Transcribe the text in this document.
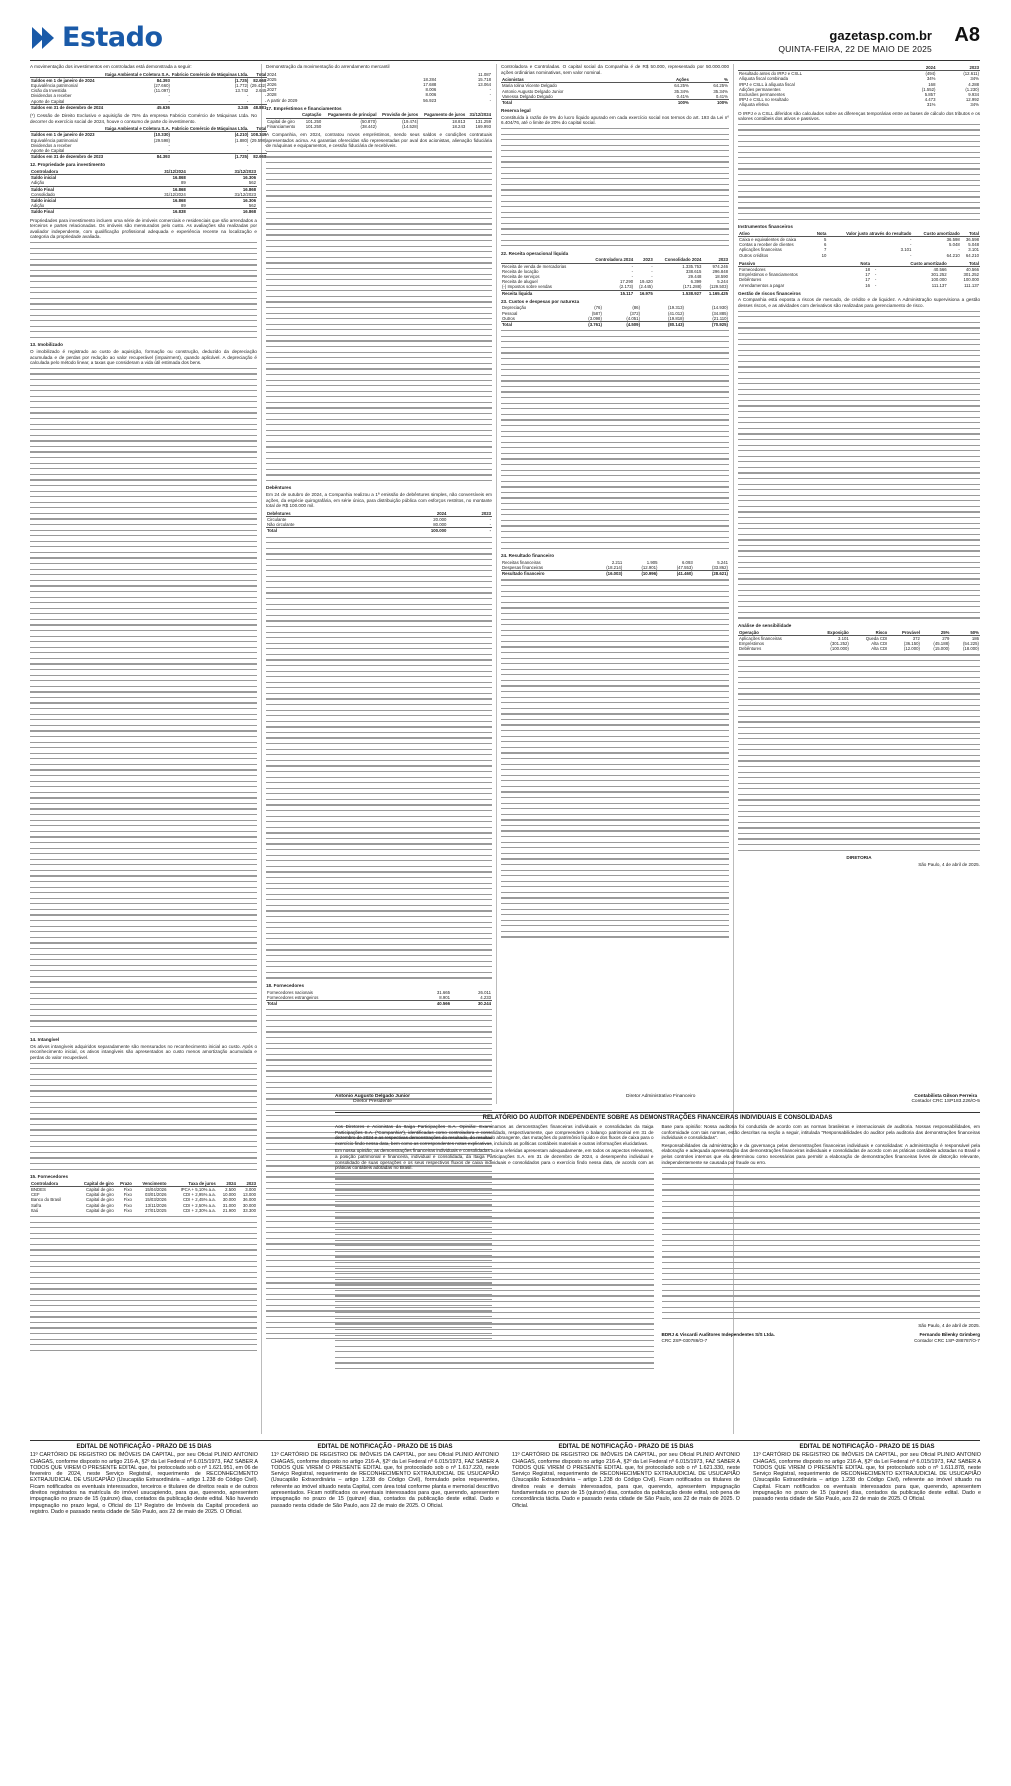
Estado	gazetasp.com.br
QUINTA-FEIRA, 22 DE MAIO DE 2025
A8

A movimentação dos investimentos em controladas está demonstrada a seguir:

	Itaiga Ambiental e Coletora S.A.	Fabricio Comércio de Máquinas Ltda.	Total
Saldos em 1 de janeiro de 2024	84.393	(1.725)	82.668
Equivalência patrimonial	(27.660)	(1.772)	(29.432)
Cisão da Investida	(11.097)	13.742	2.645
Dividendos a receber	-	-	-
Aporte de Capital	-	-	-
Saldos em 31 de dezembro de 2024	45.636	3.245	48.881

(*) Cessão de Direito Exclusivo e aquisição de 75% da empresa Fabricio Comércio de Máquinas Ltda. No decorrer do exercício social de 2024, houve o consumo de parte do investimento.

	Itaiga Ambiental e Coletora S.A.	Fabricio Comércio de Máquinas Ltda.	Total
Saldos em 1 de janeiro de 2023	(10.330)	(4.210)	108.349
Equivalência patrimonial	(29.598)	(1.880)	(29.598)
Dividendos a receber	-	-	-
Aporte de Capital	-	-	
Saldos em 31 de dezembro de 2023	84.393	(1.725)	82.668
12. Propriedade para investimento
Controladora	31/12/2024	31/12/2023
Saldo inicial	16.868	16.306
Adição	89	562
Saldo Final	16.868	16.868
Consolidado	31/12/2024	31/12/2023
Saldo inicial	16.868	16.306
Adição	89	562
Saldo Final	16.838	16.868

Propriedades para investimento incluem uma série de imóveis comerciais e residenciais que são arrendados a terceiros e partes relacionadas. Os imóveis são mensurados pelo custo. As avaliações são realizadas por avaliador independente, com qualificação profissional adequada e experiência recente na localização e categoria da propriedade avaliada.

13. Imobilizado

O imobilizado é registrado ao custo de aquisição, formação ou construção, deduzido da depreciação acumulada e de perdas por redução ao valor recuperável (impairment), quando aplicável. A depreciação é calculada pelo método linear, a taxas que consideram a vida útil estimada dos bens.

14. Intangível

Os ativos intangíveis adquiridos separadamente são mensurados no reconhecimento inicial ao custo. Após o reconhecimento inicial, os ativos intangíveis são apresentados ao custo menos amortização acumulada e perdas do valor recuperável.

15. Fornecedores
Controladora	Capital de giro	Prazo	Vencimento	Taxa de juros	2024	2023
BNDES	Capital de giro	Fixo	15/04/2026	IPCA + 5,10% a.a.	2.500	3.000
CEF	Capital de giro	Fixo	03/01/2026	CDI + 2,95% a.a.	10.000	13.000
Banco do Brasil	Capital de giro	Fixo	15/03/2026	CDI + 2,45% a.a.	30.000	36.000
Safra	Capital de giro	Fixo	13/11/2026	CDI + 2,50% a.a.	31.000	30.000
Itaú	Capital de giro	Fixo	27/01/2025	CDI + 2,30% a.a.	21.900	33.300

Demonstração da movimentação do arrendamento mercantil

2024		11.087
2025	18.284	15.718
2026	17.688	13.064
2027	8.006	-
2028	8.006	-
A partir de 2029	56.923	-
17. Empréstimos e financiamentos
	Captação	Pagamento de principal	Provisão de juros	Pagamento de juros	31/12/2024
Capital de giro	101.250	(50.870)	(19.474)	18.813	131.259
Financiamento	101.250	(38.442)	(14.528)	18.243	169.993

A Companhia, em 2024, contratou novos empréstimos, sendo seus saldos e condições contratuais apresentados acima. As garantias oferecidas são representadas por aval dos acionistas, alienação fiduciária de máquinas e equipamentos, e cessão fiduciária de recebíveis.

Debêntures

Em 24 de outubro de 2024, a Companhia realizou a 1ª emissão de debêntures simples, não conversíveis em ações, da espécie quirografária, em série única, para distribuição pública com esforços restritos, no montante total de R$ 100.000 mil.

Debêntures	2024	2023
Circulante	20.000	-
Não circulante	80.000	-
Total	100.000	-
18. Fornecedores
Fornecedores nacionais	31.665	26.011
Fornecedores estrangeiros	8.901	4.233
Total	40.566	30.244

Controladora e Controladas. O capital social da Companhia é de R$ 50.000, representado por 50.000.000 ações ordinárias nominativas, sem valor nominal.

Acionistas	Ações	%
Maria Iolina Vicente Delgado	64.25%	64.25%
Antonio Augusto Delgado Junior	35.34%	35.34%
Vanessa Delgado Delgado	0.41%	0.41%
Total	100%	100%
Reserva legal

Constituída à razão de 5% do lucro líquido apurado em cada exercício social nos termos do art. 193 da Lei nº 6.404/76, até o limite de 20% do capital social.

22. Receita operacional líquida
	Controladora 2024	2023	Consolidado 2024	2023
Receita de venda de mercadorias	-	-	1.335.753	974.246
Receita de locação	-	-	338.615	296.848
Receita de serviços	-	-	29.448	18.590
Receita de aluguel	17.290	19.420	6.399	5.244
(-) Impostos sobre vendas	(2.173)	(2.445)	(171.288)	(129.503)
Receita líquida	15.117	16.975	1.538.927	1.165.425
23. Custos e despesas por natureza
Depreciação	(76)	(86)	(19.313)	(14.930)
Pessoal	(587)	(372)	(41.012)	(34.885)
Outros	(3.098)	(4.051)	(19.818)	(21.110)
Total	(3.761)	(4.509)	(80.143)	(70.925)
24. Resultado financeiro
Receitas financeiras	2.211	1.905	6.093	5.241
Despesas financeiras	(18.214)	(12.901)	(47.553)	(33.862)
Resultado financeiro	(16.003)	(10.996)	(41.460)	(28.621)
	2024	2023
Resultado antes do IRPJ e CSLL	(494)	(12.611)
Alíquota fiscal combinada	34%	34%
IRPJ e CSLL à alíquota fiscal	168	4.288
Adições permanentes	(1.552)	(1.230)
Exclusões permanentes	5.857	9.934
IRPJ e CSLL no resultado	4.473	12.992
Alíquota efetiva	31%	34%

O IRPJ e a CSLL diferidos são calculados sobre as diferenças temporárias entre as bases de cálculo dos tributos e os valores contábeis dos ativos e passivos.

Instrumentos financeiros
Ativo	Nota	Valor justo através do resultado	Custo amortizado	Total
Caixa e equivalentes de caixa	5	-	36.598	36.598
Contas a receber de clientes	6	-	5.048	5.048
Aplicações financeiras	7	3.101	-	3.101
Outros créditos	10	-	64.210	64.210
Passivo	Nota		Custo amortizado	Total
Fornecedores	18	-	40.566	40.566
Empréstimos e financiamentos	17	-	301.252	301.252
Debêntures	17	-	100.000	100.000
Arrendamentos a pagar	16	-	111.137	111.137
Gestão de riscos financeiros

A Companhia está exposta a riscos de mercado, de crédito e de liquidez. A Administração supervisiona a gestão desses riscos, e as atividades com derivativos são realizadas para gerenciamento de risco.

Análise de sensibilidade
Operação	Exposição	Risco	Provável	25%	50%
Aplicações financeiras	3.101	Queda CDI	372	279	186
Empréstimos	(301.252)	Alta CDI	(36.150)	(45.188)	(54.225)
Debêntures	(100.000)	Alta CDI	(12.000)	(15.000)	(18.000)
DIRETORIA

São Paulo, 4 de abril de 2025.

Antonio Augusto Delgado Junior
Diretor Presidente
Diretor Administrativo Financeiro	Contabilista Gilson Ferreira
Contador CRC 1SP183.226/O-5
RELATÓRIO DO AUDITOR INDEPENDENTE SOBRE AS DEMONSTRAÇÕES FINANCEIRAS INDIVIDUAIS E CONSOLIDADAS

Aos Diretores e Acionistas da Itaiga Participações S.A. Opinião: Examinamos as demonstrações financeiras individuais e consolidadas da Itaiga Participações S.A. ("Companhia"), identificadas como controladora e consolidado, respectivamente, que compreendem o balanço patrimonial em 31 de dezembro de 2024 e as respectivas demonstrações do resultado, do resultado abrangente, das mutações do patrimônio líquido e dos fluxos de caixa para o exercício findo nessa data, bem como as correspondentes notas explicativas, incluindo as políticas contábeis materiais e outras informações elucidativas.

Em nossa opinião, as demonstrações financeiras individuais e consolidadas acima referidas apresentam adequadamente, em todos os aspectos relevantes, a posição patrimonial e financeira, individual e consolidada, da Itaiga Participações S.A. em 31 de dezembro de 2024, o desempenho individual e consolidado de suas operações e os seus respectivos fluxos de caixa individuais e consolidados para o exercício findo nessa data, de acordo com as práticas contábeis adotadas no Brasil.

Base para opinião: Nossa auditoria foi conduzida de acordo com as normas brasileiras e internacionais de auditoria. Nossas responsabilidades, em conformidade com tais normas, estão descritas na seção a seguir, intitulada "Responsabilidades do auditor pela auditoria das demonstrações financeiras individuais e consolidadas".

Responsabilidades da administração e da governança pelas demonstrações financeiras individuais e consolidadas: A administração é responsável pela elaboração e adequada apresentação das demonstrações financeiras individuais e consolidadas de acordo com as práticas contábeis adotadas no Brasil e pelos controles internos que ela determinou como necessários para permitir a elaboração de demonstrações financeiras livres de distorção relevante, independentemente se causada por fraude ou erro.

São Paulo, 4 de abril de 2025.
BDRJ & Viscardi Auditores Independentes S/S Ltda.
CRC 2SP-030786/O-7
Fernando Bilenky Grimberg
Contador CRC 1SP-288787/O-7
EDITAL DE NOTIFICAÇÃO - PRAZO DE 15 DIAS
11º CARTÓRIO DE REGISTRO DE IMÓVEIS DA CAPITAL, por seu Oficial PLINIO ANTONIO CHAGAS, conforme disposto no artigo 216-A, §2º da Lei Federal nº 6.015/1973, FAZ SABER A TODOS QUE VIREM O PRESENTE EDITAL que, foi protocolado sob o nº 1.621.951, em 06 de fevereiro de 2024, neste Serviço Registral, requerimento de RECONHECIMENTO EXTRAJUDICIAL DE USUCAPIÃO (Usucapião Extraordinária – artigo 1.238 do Código Civil). Ficam notificados os eventuais interessados, terceiros e titulares de direitos reais e de outros direitos registrados na matrícula do imóvel usucapiendo, para que, querendo, apresentem impugnação no prazo de 15 (quinze) dias, contados da publicação deste edital. Não havendo impugnação no prazo legal, o Oficial do 11º Registro de Imóveis da Capital procederá ao registro. Dado e passado nesta cidade de São Paulo, aos 22 de maio de 2025. O Oficial.
EDITAL DE NOTIFICAÇÃO - PRAZO DE 15 DIAS
11º CARTÓRIO DE REGISTRO DE IMÓVEIS DA CAPITAL, por seu Oficial PLINIO ANTONIO CHAGAS, conforme disposto no artigo 216-A, §2º da Lei Federal nº 6.015/1973, FAZ SABER A TODOS QUE VIREM O PRESENTE EDITAL que, foi protocolado sob o nº 1.617.220, neste Serviço Registral, requerimento de RECONHECIMENTO EXTRAJUDICIAL DE USUCAPIÃO (Usucapião Extraordinária – artigo 1.238 do Código Civil), formulado pelos requerentes, referente ao imóvel situado nesta Capital, com área total conforme planta e memorial descritivo apresentados. Ficam notificados os eventuais interessados para que, querendo, apresentem impugnação no prazo de 15 (quinze) dias, contados da publicação deste edital. Dado e passado nesta cidade de São Paulo, aos 22 de maio de 2025. O Oficial.
EDITAL DE NOTIFICAÇÃO - PRAZO DE 15 DIAS
11º CARTÓRIO DE REGISTRO DE IMÓVEIS DA CAPITAL, por seu Oficial PLINIO ANTONIO CHAGAS, conforme disposto no artigo 216-A, §2º da Lei Federal nº 6.015/1973, FAZ SABER A TODOS QUE VIREM O PRESENTE EDITAL que, foi protocolado sob o nº 1.621.330, neste Serviço Registral, requerimento de RECONHECIMENTO EXTRAJUDICIAL DE USUCAPIÃO (Usucapião Extraordinária – artigo 1.238 do Código Civil). Ficam notificados os titulares de direitos reais e demais interessados, para que, querendo, apresentem impugnação fundamentada no prazo de 15 (quinze) dias, contados da publicação deste edital, sob pena de concordância tácita. Dado e passado nesta cidade de São Paulo, aos 22 de maio de 2025. O Oficial.
EDITAL DE NOTIFICAÇÃO - PRAZO DE 15 DIAS
11º CARTÓRIO DE REGISTRO DE IMÓVEIS DA CAPITAL, por seu Oficial PLINIO ANTONIO CHAGAS, conforme disposto no artigo 216-A, §2º da Lei Federal nº 6.015/1973, FAZ SABER A TODOS QUE VIREM O PRESENTE EDITAL que, foi protocolado sob o nº 1.611.878, neste Serviço Registral, requerimento de RECONHECIMENTO EXTRAJUDICIAL DE USUCAPIÃO (Usucapião Extraordinária – artigo 1.238 do Código Civil), referente ao imóvel situado na Capital. Ficam notificados os eventuais interessados para que, querendo, apresentem impugnação no prazo de 15 (quinze) dias, contados da publicação deste edital. Dado e passado nesta cidade de São Paulo, aos 22 de maio de 2025. O Oficial.
